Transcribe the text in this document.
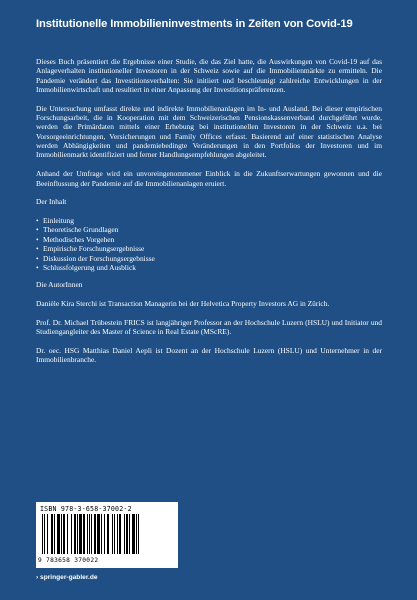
Institutionelle Immobilieninvestments in Zeiten von Covid-19

Dieses Buch präsentiert die Ergebnisse einer Studie, die das Ziel hatte, die Auswirkungen von Covid-19 auf das Anlageverhalten institutioneller Investoren in der Schweiz sowie auf die Immobilienmärkte zu ermitteln. Die Pandemie verändert das Investitionsverhalten: Sie initiiert und beschleunigt zahlreiche Entwicklungen in der Immobilienwirtschaft und resultiert in einer Anpassung der Investitionspräferenzen.

Die Untersuchung umfasst direkte und indirekte Immobilienanlagen im In- und Ausland. Bei dieser empirischen Forschungsarbeit, die in Kooperation mit dem Schweizerischen Pensionskassenverband durchgeführt wurde, werden die Primärdaten mittels einer Erhebung bei institutionellen Investoren in der Schweiz u.a. bei Vorsorgeeinrichtungen, Versicherungen und Family Offices erfasst. Basierend auf einer statistischen Analyse werden Abhängigkeiten und pandemiebedingte Veränderungen in den Portfolios der Investoren und im Immobilienmarkt identifiziert und ferner Handlungsempfehlungen abgeleitet.

Anhand der Umfrage wird ein unvoreingenommener Einblick in die Zukunftserwartungen gewonnen und die Beeinflussung der Pandemie auf die Immobilienanlagen eruiert.

Der Inhalt

• Einleitung
• Theoretische Grundlagen
• Methodisches Vorgehen
• Empirische Forschungsergebnisse
• Diskussion der Forschungsergebnisse
• Schlussfolgerung und Ausblick

Die AutorInnen

Danièle Kira Sterchi ist Transaction Managerin bei der Helvetica Property Investors AG in Zürich.

Prof. Dr. Michael Trübestein FRICS ist langjähriger Professor an der Hochschule Luzern (HSLU) und Initiator und Studiengangleiter des Master of Science in Real Estate (MScRE).

Dr. oec. HSG Matthias Daniel Aepli ist Dozent an der Hochschule Luzern (HSLU) und Unternehmer in der Immobilienbranche.

ISBN 978-3-658-37002-2
9 783658 370022
› springer-gabler.de
